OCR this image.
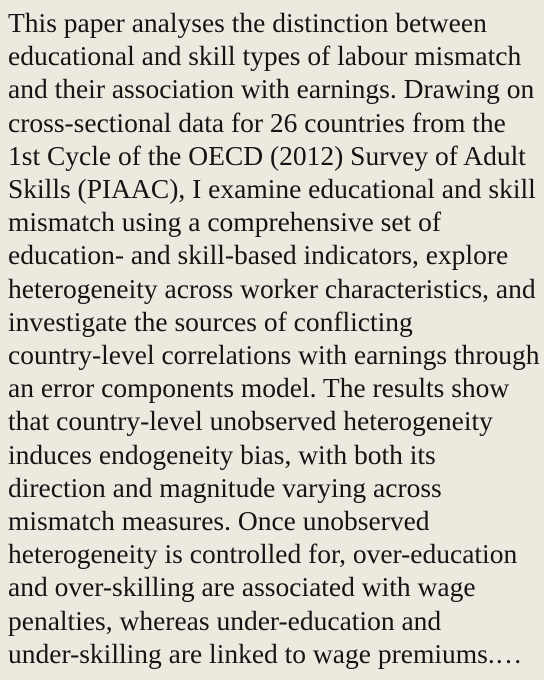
This paper analyses the distinction between
educational and skill types of labour mismatch
and their association with earnings. Drawing on
cross-sectional data for 26 countries from the
1st Cycle of the OECD (2012) Survey of Adult
Skills (PIAAC), I examine educational and skill
mismatch using a comprehensive set of
education- and skill-based indicators, explore
heterogeneity across worker characteristics, and
investigate the sources of conflicting
country-level correlations with earnings through
an error components model. The results show
that country-level unobserved heterogeneity
induces endogeneity bias, with both its
direction and magnitude varying across
mismatch measures. Once unobserved
heterogeneity is controlled for, over-education
and over-skilling are associated with wage
penalties, whereas under-education and
under-skilling are linked to wage premiums.…
